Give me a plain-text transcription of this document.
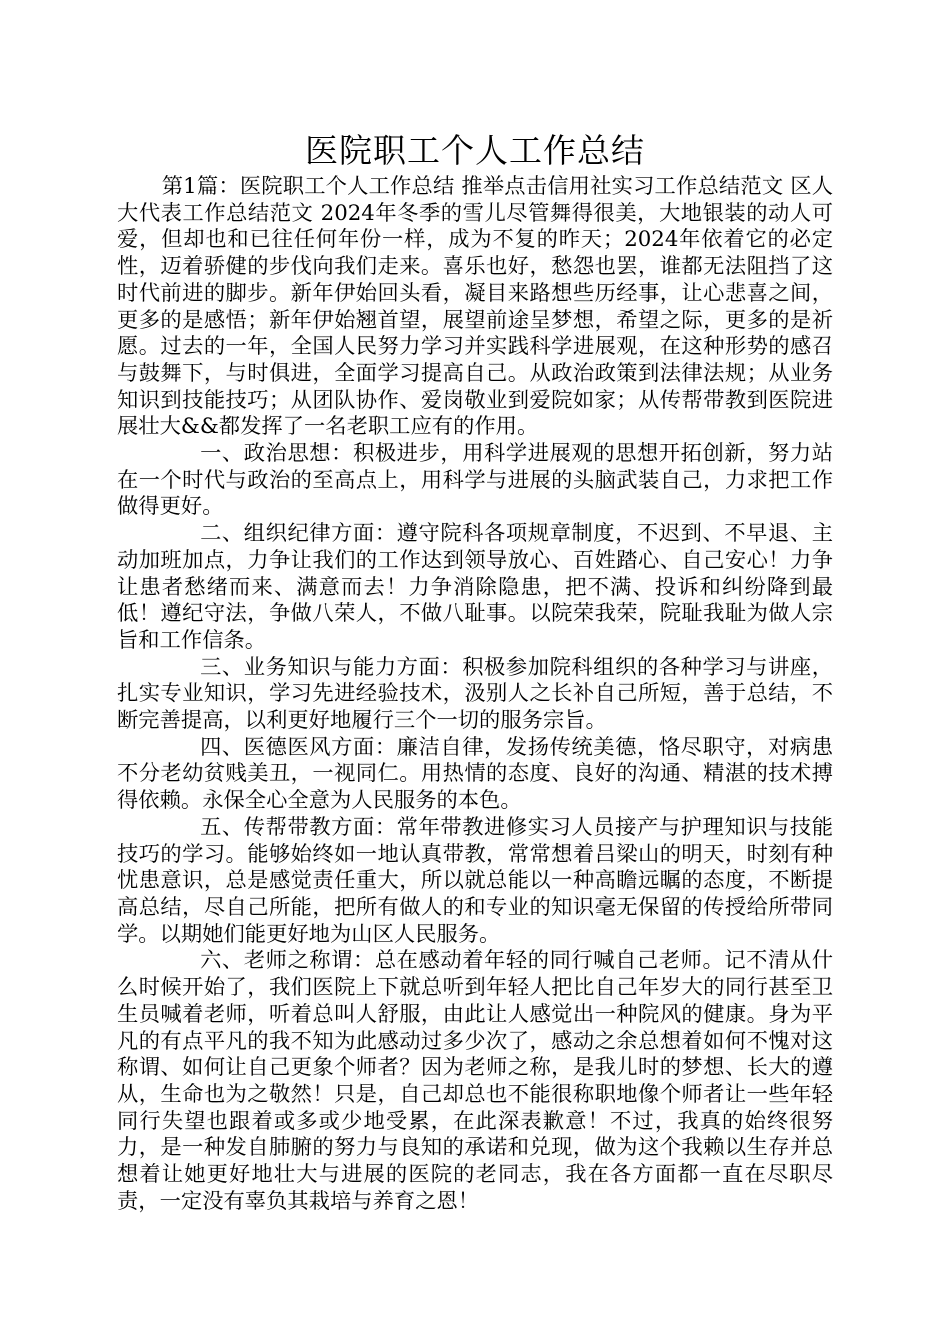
医院职工个人工作总结

第1篇：医院职工个人工作总结 推举点击信用社实习工作总结范文 区人大代表工作总结范文 2024年冬季的雪儿尽管舞得很美，大地银装的动人可爱，但却也和已往任何年份一样，成为不复的昨天；2024年依着它的必定性，迈着骄健的步伐向我们走来。喜乐也好，愁怨也罢，谁都无法阻挡了这时代前进的脚步。新年伊始回头看，凝目来路想些历经事，让心悲喜之间，更多的是感悟；新年伊始翘首望，展望前途呈梦想，希望之际，更多的是祈愿。过去的一年，全国人民努力学习并实践科学进展观，在这种形势的感召与鼓舞下，与时俱进，全面学习提高自己。从政治政策到法律法规；从业务知识到技能技巧；从团队协作、爱岗敬业到爱院如家；从传帮带教到医院进展壮大&&都发挥了一名老职工应有的作用。

一、政治思想：积极进步，用科学进展观的思想开拓创新，努力站在一个时代与政治的至高点上，用科学与进展的头脑武装自己，力求把工作做得更好。

二、组织纪律方面：遵守院科各项规章制度，不迟到、不早退、主动加班加点，力争让我们的工作达到领导放心、百姓踏心、自己安心！力争让患者愁绪而来、满意而去！力争消除隐患，把不满、投诉和纠纷降到最低！遵纪守法，争做八荣人，不做八耻事。以院荣我荣，院耻我耻为做人宗旨和工作信条。

三、业务知识与能力方面：积极参加院科组织的各种学习与讲座，扎实专业知识，学习先进经验技术，汲别人之长补自己所短，善于总结，不断完善提高，以利更好地履行三个一切的服务宗旨。

四、医德医风方面：廉洁自律，发扬传统美德，恪尽职守，对病患不分老幼贫贱美丑，一视同仁。用热情的态度、良好的沟通、精湛的技术搏得依赖。永保全心全意为人民服务的本色。

五、传帮带教方面：常年带教进修实习人员接产与护理知识与技能技巧的学习。能够始终如一地认真带教，常常想着吕梁山的明天，时刻有种忧患意识，总是感觉责任重大，所以就总能以一种高瞻远瞩的态度，不断提高总结，尽自己所能，把所有做人的和专业的知识毫无保留的传授给所带同学。以期她们能更好地为山区人民服务。

六、老师之称谓：总在感动着年轻的同行喊自己老师。记不清从什么时候开始了，我们医院上下就总听到年轻人把比自己年岁大的同行甚至卫生员喊着老师，听着总叫人舒服，由此让人感觉出一种院风的健康。身为平凡的有点平凡的我不知为此感动过多少次了，感动之余总想着如何不愧对这称谓、如何让自己更象个师者？因为老师之称，是我儿时的梦想、长大的遵从，生命也为之敬然！只是，自己却总也不能很称职地像个师者让一些年轻同行失望也跟着或多或少地受累，在此深表歉意！不过，我真的始终很努力，是一种发自肺腑的努力与良知的承诺和兑现，做为这个我赖以生存并总想着让她更好地壮大与进展的医院的老同志，我在各方面都一直在尽职尽责，一定没有辜负其栽培与养育之恩！
